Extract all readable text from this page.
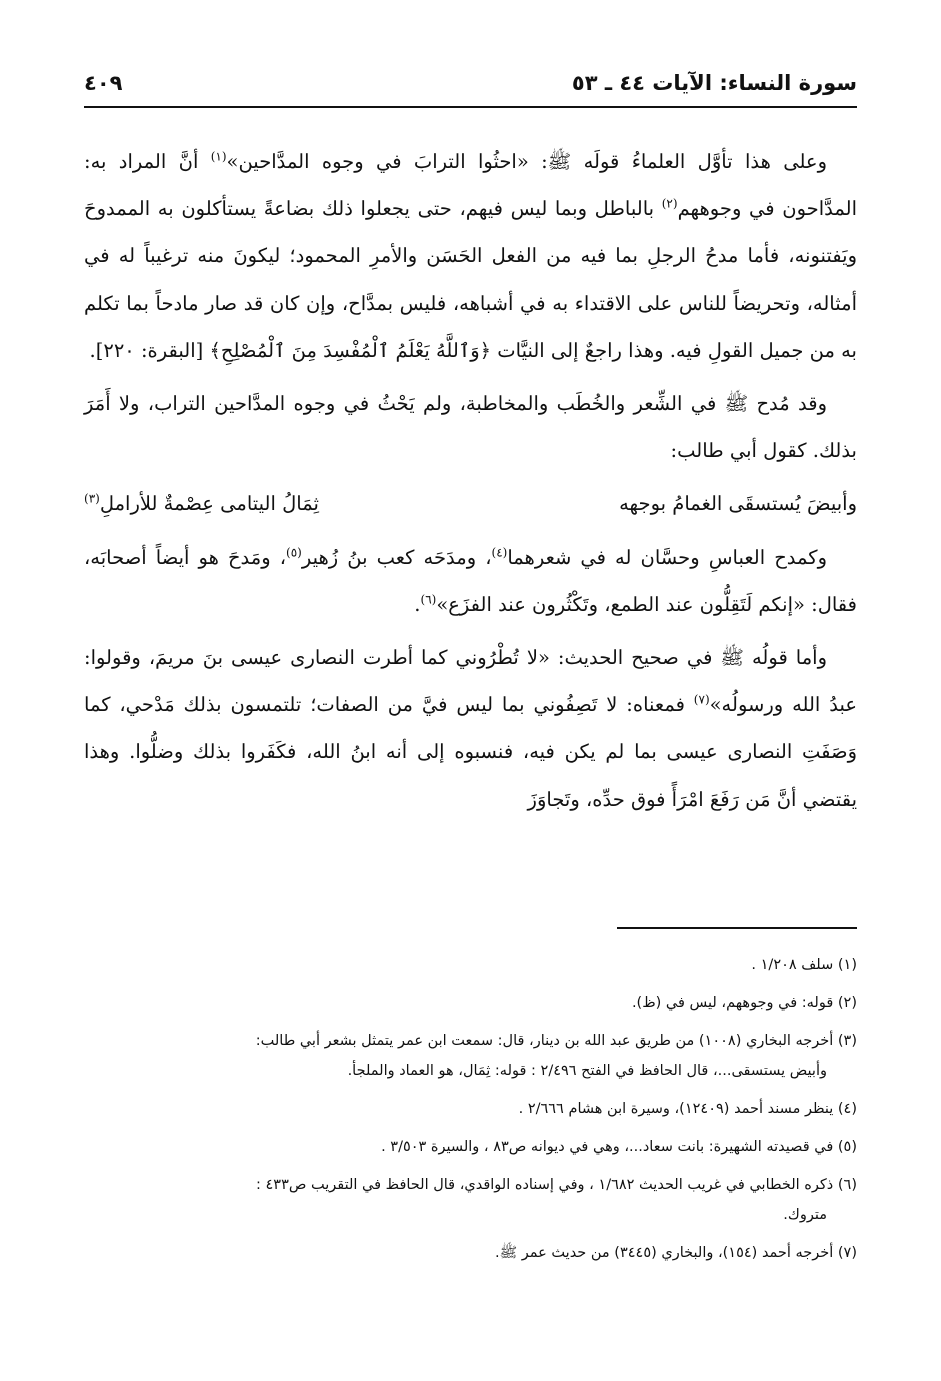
سورة النساء: الآيات ٤٤ ـ ٥٣
٤٠٩

وعلى هذا تأوَّل العلماءُ قولَه ﷺ: «احثُوا الترابَ في وجوه المدَّاحين»$^{(١)}$ أنَّ المراد به: المدَّاحون في وجوههم$^{(٢)}$ بالباطل وبما ليس فيهم، حتى يجعلوا ذلك بضاعةً يستأكلون به الممدوحَ ويَفتنونه، فأما مدحُ الرجلِ بما فيه من الفعل الحَسَن والأمرِ المحمود؛ ليكونَ منه ترغيباً له في أمثاله، وتحريضاً للناس على الاقتداء به في أشباهه، فليس بمدَّاح، وإن كان قد صار مادحاً بما تكلم به من جميل القولِ فيه. وهذا راجعٌ إلى النيَّات ﴿وَٱللَّهُ يَعْلَمُ ٱلْمُفْسِدَ مِنَ ٱلْمُصْلِحِ﴾ [البقرة: ٢٢٠].

وقد مُدح ﷺ في الشِّعر والخُطَب والمخاطبة، ولم يَحْثُ في وجوه المدَّاحين التراب، ولا أَمَرَ بذلك. كقول أبي طالب:

وأبيضَ يُستسقَى الغمامُ بوجهه
ثِمَالُ اليتامى عِصْمةٌ للأراملِ$^{(٣)}$

وكمدح العباسِ وحسَّان له في شعرهما$^{(٤)}$، ومدَحَه كعب بنُ زُهير$^{(٥)}$، ومَدحَ هو أيضاً أصحابَه، فقال: «إنكم لَتَقِلُّون عند الطمع، وتَكْثُرون عند الفزَع»$^{(٦)}$.

وأما قولُه ﷺ في صحيح الحديث: «لا تُطْرُوني كما أطرت النصارى عيسى بنَ مريمَ، وقولوا: عبدُ الله ورسولُه»$^{(٧)}$ فمعناه: لا تَصِفُوني بما ليس فيَّ من الصفات؛ تلتمسون بذلك مَدْحي، كما وَصَفَتِ النصارى عيسى بما لم يكن فيه، فنسبوه إلى أنه ابنُ الله، فكَفَروا بذلك وضلُّوا. وهذا يقتضي أنَّ مَن رَفَعَ امْرَأً فوق حدِّه، وتَجاوَزَ

(١) سلف ١/٢٠٨ .
(٢) قوله: في وجوههم، ليس في (ظ).
(٣) أخرجه البخاري (١٠٠٨) من طريق عبد الله بن دينار، قال: سمعت ابن عمر يتمثل بشعر أبي طالب:
وأبيض يستسقى...، قال الحافظ في الفتح ٢/٤٩٦ : قوله: ثِمَال، هو العماد والملجأ.
(٤) ينظر مسند أحمد (١٢٤٠٩)، وسيرة ابن هشام ٢/٦٦٦ .
(٥) في قصيدته الشهيرة: بانت سعاد...، وهي في ديوانه ص٨٣ ، والسيرة ٣/٥٠٣ .
(٦) ذكره الخطابي في غريب الحديث ١/٦٨٢ ، وفي إسناده الواقدي، قال الحافظ في التقريب ص٤٣٣ :
متروك.
(٧) أخرجه أحمد (١٥٤)، والبخاري (٣٤٤٥) من حديث عمر ﷺ.
